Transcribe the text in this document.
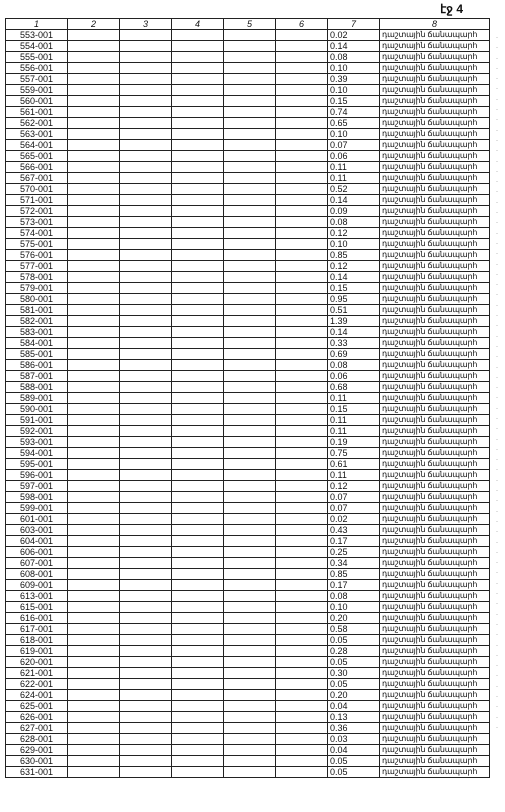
էջ 4
1	2	3	4	5	6	7	8
553-001						0.02	դաշտային ճանապարհ
554-001						0.14	դաշտային ճանապարհ
555-001						0.08	դաշտային ճանապարհ
556-001						0.10	դաշտային ճանապարհ
557-001						0.39	դաշտային ճանապարհ
559-001						0.10	դաշտային ճանապարհ
560-001						0.15	դաշտային ճանապարհ
561-001						0.74	դաշտային ճանապարհ
562-001						0.65	դաշտային ճանապարհ
563-001						0.10	դաշտային ճանապարհ
564-001						0.07	դաշտային ճանապարհ
565-001						0.06	դաշտային ճանապարհ
566-001						0.11	դաշտային ճանապարհ
567-001						0.11	դաշտային ճանապարհ
570-001						0.52	դաշտային ճանապարհ
571-001						0.14	դաշտային ճանապարհ
572-001						0.09	դաշտային ճանապարհ
573-001						0.08	դաշտային ճանապարհ
574-001						0.12	դաշտային ճանապարհ
575-001						0.10	դաշտային ճանապարհ
576-001						0.85	դաշտային ճանապարհ
577-001						0.12	դաշտային ճանապարհ
578-001						0.14	դաշտային ճանապարհ
579-001						0.15	դաշտային ճանապարհ
580-001						0.95	դաշտային ճանապարհ
581-001						0.51	դաշտային ճանապարհ
582-001						1.39	դաշտային ճանապարհ
583-001						0.14	դաշտային ճանապարհ
584-001						0.33	դաշտային ճանապարհ
585-001						0.69	դաշտային ճանապարհ
586-001						0.08	դաշտային ճանապարհ
587-001						0.06	դաշտային ճանապարհ
588-001						0.68	դաշտային ճանապարհ
589-001						0.11	դաշտային ճանապարհ
590-001						0.15	դաշտային ճանապարհ
591-001						0.11	դաշտային ճանապարհ
592-001						0.11	դաշտային ճանապարհ
593-001						0.19	դաշտային ճանապարհ
594-001						0.75	դաշտային ճանապարհ
595-001						0.61	դաշտային ճանապարհ
596-001						0.11	դաշտային ճանապարհ
597-001						0.12	դաշտային ճանապարհ
598-001						0.07	դաշտային ճանապարհ
599-001						0.07	դաշտային ճանապարհ
601-001						0.02	դաշտային ճանապարհ
603-001						0.43	դաշտային ճանապարհ
604-001						0.17	դաշտային ճանապարհ
606-001						0.25	դաշտային ճանապարհ
607-001						0.34	դաշտային ճանապարհ
608-001						0.85	դաշտային ճանապարհ
609-001						0.17	դաշտային ճանապարհ
613-001						0.08	դաշտային ճանապարհ
615-001						0.10	դաշտային ճանապարհ
616-001						0.20	դաշտային ճանապարհ
617-001						0.58	դաշտային ճանապարհ
618-001						0.05	դաշտային ճանապարհ
619-001						0.28	դաշտային ճանապարհ
620-001						0.05	դաշտային ճանապարհ
621-001						0.30	դաշտային ճանապարհ
622-001						0.05	դաշտային ճանապարհ
624-001						0.20	դաշտային ճանապարհ
625-001						0.04	դաշտային ճանապարհ
626-001						0.13	դաշտային ճանապարհ
627-001						0.36	դաշտային ճանապարհ
628-001						0.03	դաշտային ճանապարհ
629-001						0.04	դաշտային ճանապարհ
630-001						0.05	դաշտային ճանապարհ
631-001						0.05	դաշտային ճանապարհ
·
·
·
·
·
·
·
·
·
·
·
·
·
·
·
·
·
·
·
·
·
·
·
·
·
·
·
·
·
·
·
·
·
·
·
·
·
·
·
·
·
·
·
·
·
·
·
·
·
·
·
·
·
·
·
·
·
·
·
·
·
·
·
·
·
·
·
·
